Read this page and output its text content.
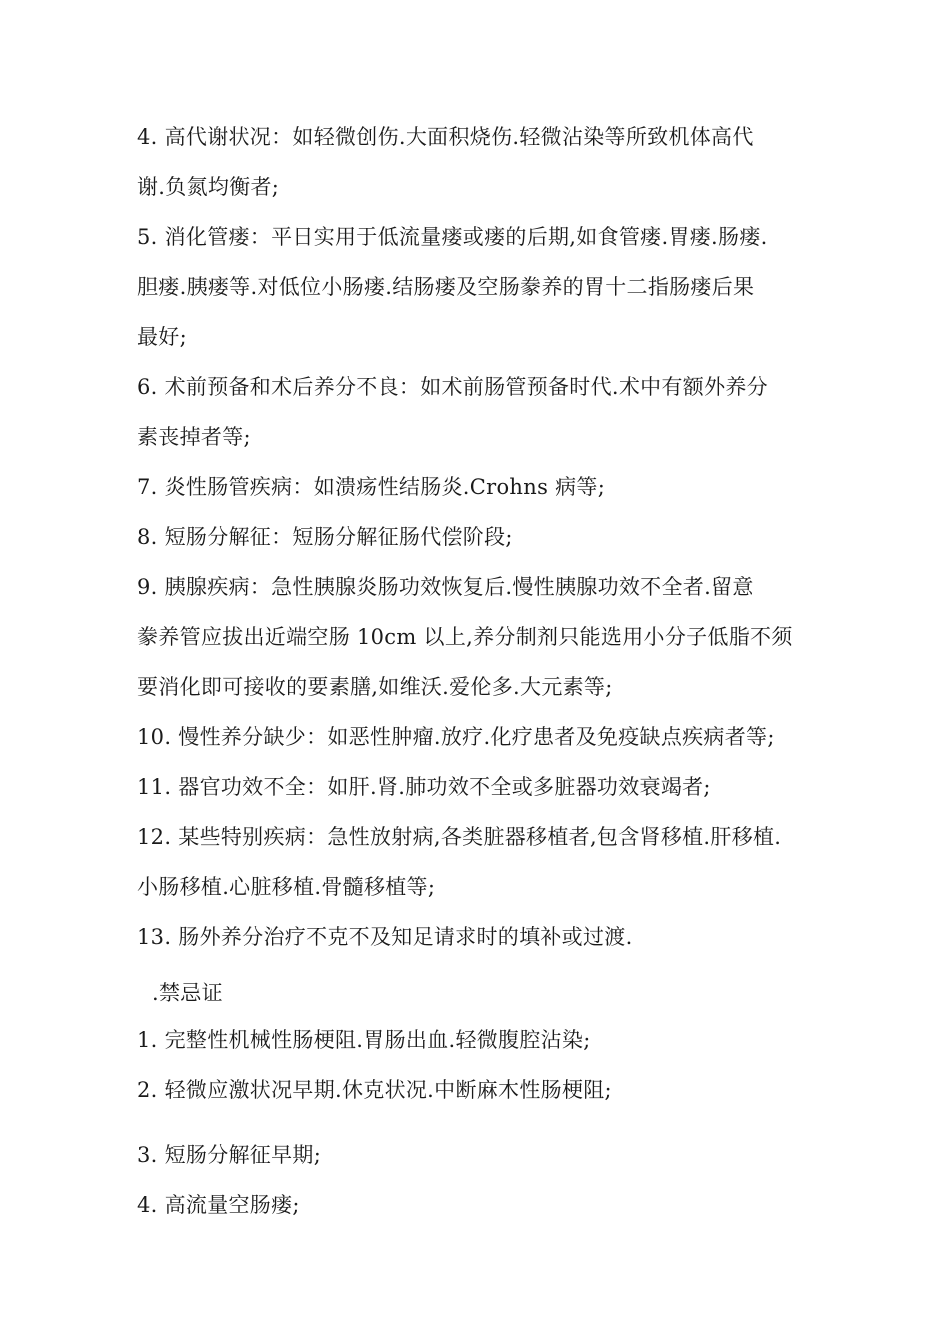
4. 高代谢状况：如轻微创伤.大面积烧伤.轻微沾染等所致机体高代
谢.负氮均衡者;
5. 消化管瘘：平日实用于低流量瘘或瘘的后期,如食管瘘.胃瘘.肠瘘.
胆瘘.胰瘘等.对低位小肠瘘.结肠瘘及空肠豢养的胃十二指肠瘘后果
最好;
6. 术前预备和术后养分不良：如术前肠管预备时代.术中有额外养分
素丧掉者等;
7. 炎性肠管疾病：如溃疡性结肠炎.Crohns 病等;
8. 短肠分解征：短肠分解征肠代偿阶段;
9. 胰腺疾病：急性胰腺炎肠功效恢复后.慢性胰腺功效不全者.留意
豢养管应拔出近端空肠 10cm 以上,养分制剂只能选用小分子低脂不须
要消化即可接收的要素膳,如维沃.爱伦多.大元素等;
10. 慢性养分缺少：如恶性肿瘤.放疗.化疗患者及免疫缺点疾病者等;
11. 器官功效不全：如肝.肾.肺功效不全或多脏器功效衰竭者;
12. 某些特别疾病：急性放射病,各类脏器移植者,包含肾移植.肝移植.
小肠移植.心脏移植.骨髓移植等;
13. 肠外养分治疗不克不及知足请求时的填补或过渡.
.禁忌证
1. 完整性机械性肠梗阻.胃肠出血.轻微腹腔沾染;
2. 轻微应激状况早期.休克状况.中断麻木性肠梗阻;
3. 短肠分解征早期;
4. 高流量空肠瘘;
